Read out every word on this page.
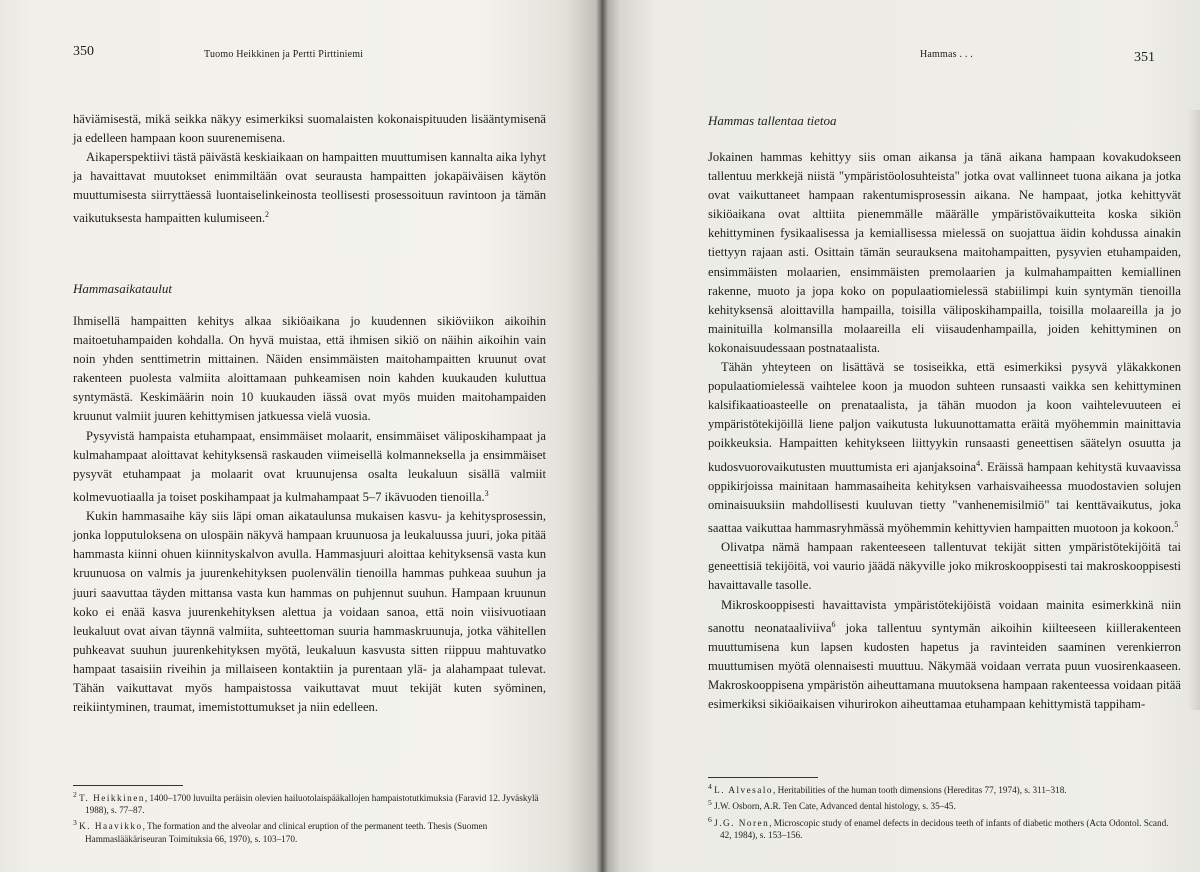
350	Tuomo Heikkinen ja Pertti Pirttiniemi

häviämisestä, mikä seikka näkyy esimerkiksi suomalaisten kokonaispituuden lisääntymisenä ja edelleen hampaan koon suurenemisena.

Aikaperspektiivi tästä päivästä keskiaikaan on hampaitten muuttumisen kannalta aika lyhyt ja havaittavat muutokset enimmiltään ovat seurausta hampaitten jokapäiväisen käytön muuttumisesta siirryttäessä luontaiselinkeinosta teollisesti prosessoituun ravintoon ja tämän vaikutuksesta hampaitten kulumiseen.$^2$

Hammasaikataulut

Ihmisellä hampaitten kehitys alkaa sikiöaikana jo kuudennen sikiöviikon aikoihin maitoetuhampaiden kohdalla. On hyvä muistaa, että ihmisen sikiö on näihin aikoihin vain noin yhden senttimetrin mittainen. Näiden ensimmäisten maitohampaitten kruunut ovat rakenteen puolesta valmiita aloittamaan puhkeamisen noin kahden kuukauden kuluttua syntymästä. Keskimäärin noin 10 kuukauden iässä ovat myös muiden maitohampaiden kruunut valmiit juuren kehittymisen jatkuessa vielä vuosia.

Pysyvistä hampaista etuhampaat, ensimmäiset molaarit, ensimmäiset väliposkihampaat ja kulmahampaat aloittavat kehityksensä raskauden viimeisellä kolmanneksella ja ensimmäiset pysyvät etuhampaat ja molaarit ovat kruunujensa osalta leukaluun sisällä valmiit kolmevuotiaalla ja toiset poskihampaat ja kulmahampaat 5–7 ikävuoden tienoilla.$^3$

Kukin hammasaihe käy siis läpi oman aikataulunsa mukaisen kasvu- ja kehitysprosessin, jonka lopputuloksena on ulospäin näkyvä hampaan kruunuosa ja leukaluussa juuri, joka pitää hammasta kiinni ohuen kiinnityskalvon avulla. Hammasjuuri aloittaa kehityksensä vasta kun kruunuosa on valmis ja juurenkehityksen puolenvälin tienoilla hammas puhkeaa suuhun ja juuri saavuttaa täyden mittansa vasta kun hammas on puhjennut suuhun. Hampaan kruunun koko ei enää kasva juurenkehityksen alettua ja voidaan sanoa, että noin viisivuotiaan leukaluut ovat aivan täynnä valmiita, suhteettoman suuria hammaskruunuja, jotka vähitellen puhkeavat suuhun juurenkehityksen myötä, leukaluun kasvusta sitten riippuu mahtuvatko hampaat tasaisiin riveihin ja millaiseen kontaktiin ja purentaan ylä- ja alahampaat tulevat. Tähän vaikuttavat myös hampaistossa vaikuttavat muut tekijät kuten syöminen, reikiintyminen, traumat, imemistottumukset ja niin edelleen.

$^2$ T. Heikkinen, 1400–1700 luvuilta peräisin olevien hailuotolaispääkallojen hampaistotutkimuksia (Faravid 12. Jyväskylä 1988), s. 77–87.

$^3$ K. Haavikko, The formation and the alveolar and clinical eruption of the permanent teeth. Thesis (Suomen Hammaslääkäriseuran Toimituksia 66, 1970), s. 103–170.

Hammas . . .	351
Hammas tallentaa tietoa

Jokainen hammas kehittyy siis oman aikansa ja tänä aikana hampaan kovakudokseen tallentuu merkkejä niistä "ympäristöolosuhteista" jotka ovat vallinneet tuona aikana ja jotka ovat vaikuttaneet hampaan rakentumisprosessin aikana. Ne hampaat, jotka kehittyvät sikiöaikana ovat alttiita pienemmälle määrälle ympäristövaikutteita koska sikiön kehittyminen fysikaalisessa ja kemiallisessa mielessä on suojattua äidin kohdussa ainakin tiettyyn rajaan asti. Osittain tämän seurauksena maitohampaitten, pysyvien etuhampaiden, ensimmäisten molaarien, ensimmäisten premolaarien ja kulmahampaitten kemiallinen rakenne, muoto ja jopa koko on populaatiomielessä stabiilimpi kuin syntymän tienoilla kehityksensä aloittavilla hampailla, toisilla väliposkihampailla, toisilla molaareilla ja jo mainituilla kolmansilla molaareilla eli viisaudenhampailla, joiden kehittyminen on kokonaisuudessaan postnataalista.

Tähän yhteyteen on lisättävä se tosiseikka, että esimerkiksi pysyvä yläkakkonen populaatiomielessä vaihtelee koon ja muodon suhteen runsaasti vaikka sen kehittyminen kalsifikaatioasteelle on prenataalista, ja tähän muodon ja koon vaihtelevuuteen ei ympäristötekijöillä liene paljon vaikutusta lukuunottamatta eräitä myöhemmin mainittavia poikkeuksia. Hampaitten kehitykseen liittyykin runsaasti geneettisen säätelyn osuutta ja kudosvuorovaikutusten muuttumista eri ajanjaksoina$^4$. Eräissä hampaan kehitystä kuvaavissa oppikirjoissa mainitaan hammasaiheita kehityksen varhaisvaiheessa muodostavien solujen ominaisuuksiin mahdollisesti kuuluvan tietty "vanhenemisilmiö" tai kenttävaikutus, joka saattaa vaikuttaa hammasryhmässä myöhemmin kehittyvien hampaitten muotoon ja kokoon.$^5$

Olivatpa nämä hampaan rakenteeseen tallentuvat tekijät sitten ympäristötekijöitä tai geneettisiä tekijöitä, voi vaurio jäädä näkyville joko mikroskooppisesti tai makroskooppisesti havaittavalle tasolle.

Mikroskooppisesti havaittavista ympäristötekijöistä voidaan mainita esimerkkinä niin sanottu neonataaliviiva$^6$ joka tallentuu syntymän aikoihin kiilteeseen kiillerakenteen muuttumisena kun lapsen kudosten hapetus ja ravinteiden saaminen verenkierron muuttumisen myötä olennaisesti muuttuu. Näkymää voidaan verrata puun vuosirenkaaseen. Makroskooppisena ympäristön aiheuttamana muutoksena hampaan rakenteessa voidaan pitää esimerkiksi sikiöaikaisen vihurirokon aiheuttamaa etuhampaan kehittymistä tappiham-

$^4$ L. Alvesalo, Heritabilities of the human tooth dimensions (Hereditas 77, 1974), s. 311–318.

$^5$ J.W. Osborn, A.R. Ten Cate, Advanced dental histology, s. 35–45.

$^6$ J.G. Noren, Microscopic study of enamel defects in decidous teeth of infants of diabetic mothers (Acta Odontol. Scand. 42, 1984), s. 153–156.
